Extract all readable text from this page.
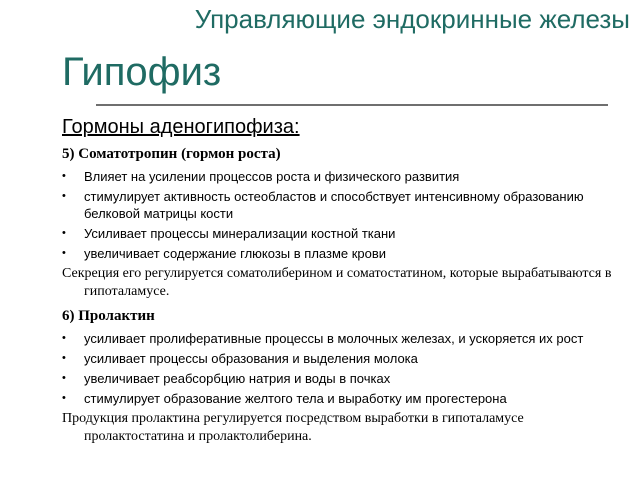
Управляющие эндокринные железы
Гипофиз
Гормоны аденогипофиза:
5) Соматотропин (гормон роста)
• Влияет на усилении процессов роста и физического развития
• стимулирует активность остеобластов и способствует интенсивному образованию белковой матрицы кости
• Усиливает процессы минерализации костной ткани
• увеличивает содержание глюкозы в плазме крови

Секреция его регулируется соматолиберином и соматостатином, которые вырабатываются в гипоталамусе.

6) Пролактин
• усиливает пролиферативные процессы в молочных железах, и ускоряется их рост
• усиливает процессы образования и выделения молока
• увеличивает реабсорбцию натрия и воды в почках
• стимулирует образование желтого тела и выработку им прогестерона

Продукция пролактина регулируется посредством выработки в гипоталамусе пролактостатина и пролактолиберина.
